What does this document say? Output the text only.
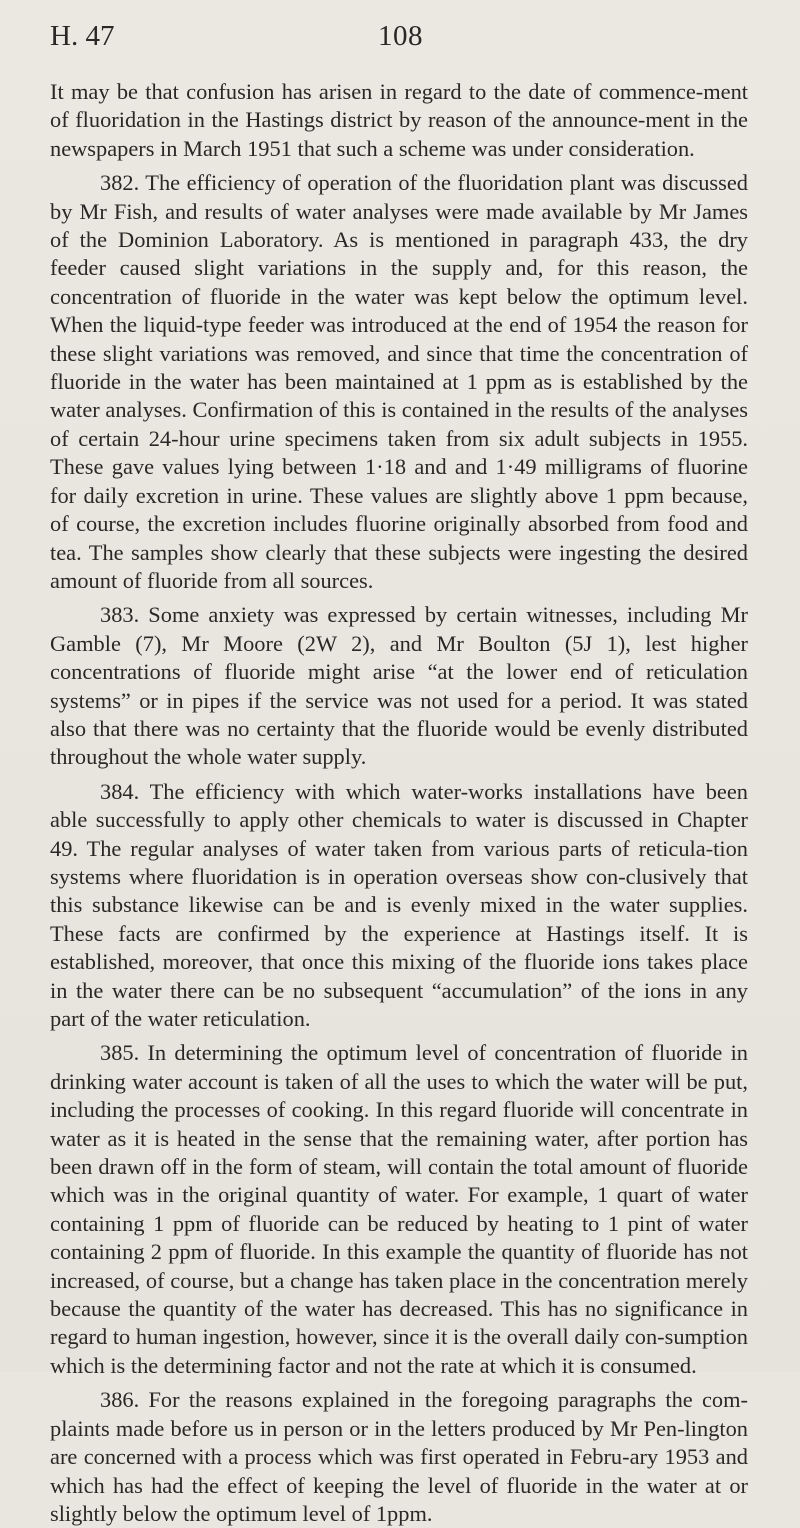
H. 47	108

It may be that confusion has arisen in regard to the date of commence-ment of fluoridation in the Hastings district by reason of the announce-ment in the newspapers in March 1951 that such a scheme was under consideration.

382. The efficiency of operation of the fluoridation plant was discussed by Mr Fish, and results of water analyses were made available by Mr James of the Dominion Laboratory. As is mentioned in paragraph 433, the dry feeder caused slight variations in the supply and, for this reason, the concentration of fluoride in the water was kept below the optimum level. When the liquid-type feeder was introduced at the end of 1954 the reason for these slight variations was removed, and since that time the concentration of fluoride in the water has been maintained at 1 ppm as is established by the water analyses. Confirmation of this is contained in the results of the analyses of certain 24-hour urine specimens taken from six adult subjects in 1955. These gave values lying between 1·18 and and 1·49 milligrams of fluorine for daily excretion in urine. These values are slightly above 1 ppm because, of course, the excretion includes fluorine originally absorbed from food and tea. The samples show clearly that these subjects were ingesting the desired amount of fluoride from all sources.

383. Some anxiety was expressed by certain witnesses, including Mr Gamble (7), Mr Moore (2W 2), and Mr Boulton (5J 1), lest higher concentrations of fluoride might arise “at the lower end of reticulation systems” or in pipes if the service was not used for a period. It was stated also that there was no certainty that the fluoride would be evenly distributed throughout the whole water supply.

384. The efficiency with which water-works installations have been able successfully to apply other chemicals to water is discussed in Chapter 49. The regular analyses of water taken from various parts of reticula-tion systems where fluoridation is in operation overseas show con-clusively that this substance likewise can be and is evenly mixed in the water supplies. These facts are confirmed by the experience at Hastings itself. It is established, moreover, that once this mixing of the fluoride ions takes place in the water there can be no subsequent “accumulation” of the ions in any part of the water reticulation.

385. In determining the optimum level of concentration of fluoride in drinking water account is taken of all the uses to which the water will be put, including the processes of cooking. In this regard fluoride will concentrate in water as it is heated in the sense that the remaining water, after portion has been drawn off in the form of steam, will contain the total amount of fluoride which was in the original quantity of water. For example, 1 quart of water containing 1 ppm of fluoride can be reduced by heating to 1 pint of water containing 2 ppm of fluoride. In this example the quantity of fluoride has not increased, of course, but a change has taken place in the concentration merely because the quantity of the water has decreased. This has no significance in regard to human ingestion, however, since it is the overall daily con-sumption which is the determining factor and not the rate at which it is consumed.

386. For the reasons explained in the foregoing paragraphs the com-plaints made before us in person or in the letters produced by Mr Pen-lington are concerned with a process which was first operated in Febru-ary 1953 and which has had the effect of keeping the level of fluoride in the water at or slightly below the optimum level of 1ppm.
